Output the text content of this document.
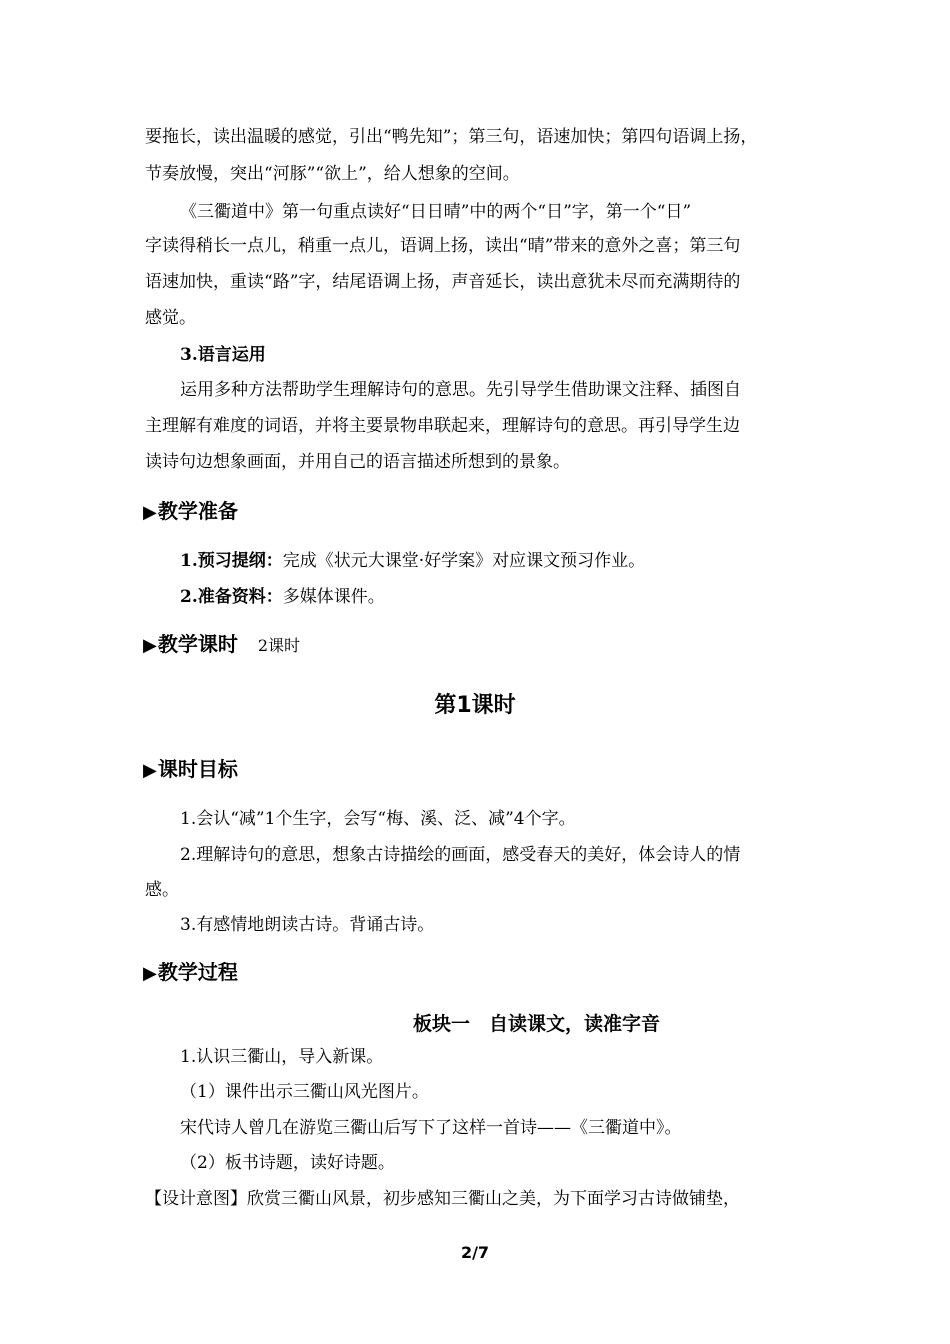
要拖长，读出温暖的感觉，引出“鸭先知”；第三句，语速加快；第四句语调上扬，
节奏放慢，突出“河豚”“欲上”，给人想象的空间。
《三衢道中》第一句重点读好“日日晴”中的两个“日”字，第一个“日”
字读得稍长一点儿，稍重一点儿，语调上扬，读出“晴”带来的意外之喜；第三句
语速加快，重读“路”字，结尾语调上扬，声音延长，读出意犹未尽而充满期待的
感觉。
3.语言运用
运用多种方法帮助学生理解诗句的意思。先引导学生借助课文注释、插图自
主理解有难度的词语，并将主要景物串联起来，理解诗句的意思。再引导学生边
读诗句边想象画面，并用自己的语言描述所想到的景象。
▶教学准备
1.预习提纲：完成《状元大课堂·好学案》对应课文预习作业。
2.准备资料：多媒体课件。
▶教学课时 2课时
第1课时
▶课时目标
1.会认“减”1个生字，会写“梅、溪、泛、减”4个字。
2.理解诗句的意思，想象古诗描绘的画面，感受春天的美好，体会诗人的情
感。
3.有感情地朗读古诗。背诵古诗。
▶教学过程
板块一　自读课文，读准字音
1.认识三衢山，导入新课。
（1）课件出示三衢山风光图片。
宋代诗人曾几在游览三衢山后写下了这样一首诗——《三衢道中》。
（2）板书诗题，读好诗题。
【设计意图】欣赏三衢山风景，初步感知三衢山之美，为下面学习古诗做铺垫，
2/7
